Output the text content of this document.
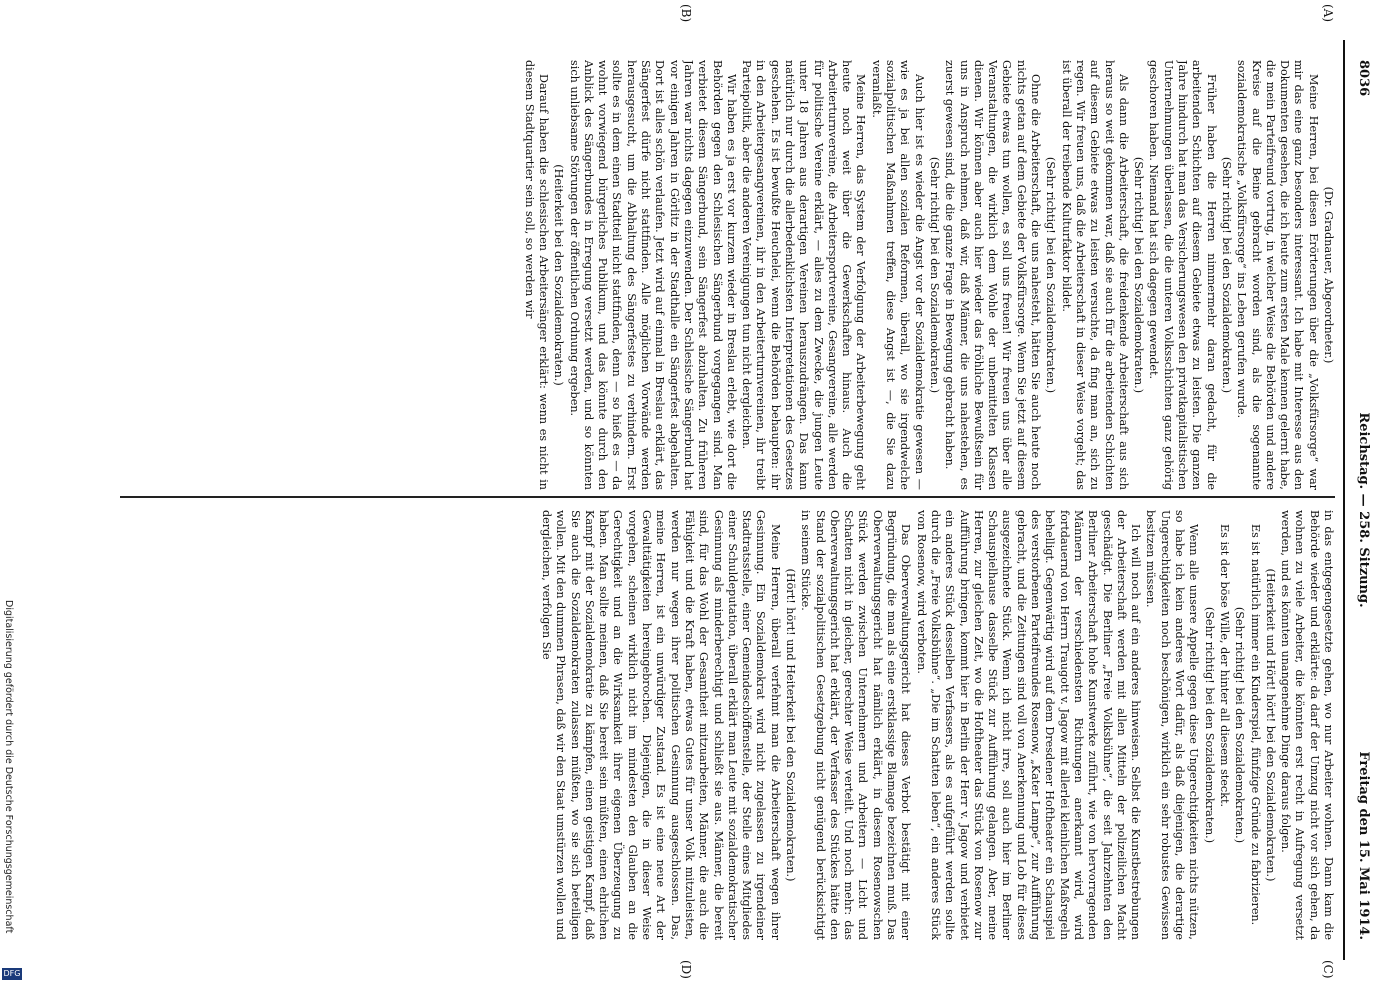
8036
Reichstag. — 258. Sitzung.
Freitag den 15. Mai 1914.
(A)
(B)
(C)
(D)

(Dr. Gradnauer, Abgeordneter.)

Meine Herren, bei diesen Erörterungen über die „Volksfürsorge“ war mir das eine ganz besonders interessant. Ich habe mit Interesse aus den Dokumenten gesehen, die ich heute zum ersten Male kennen gelernt habe, die mein Parteifreund vortrug, in welcher Weise die Behörden und andere Kreise auf die Beine gebracht worden sind, als die sogenannte sozialdemokratische „Volksfürsorge“ ins Leben gerufen wurde.

(Sehr richtig! bei den Sozialdemokraten.)

Früher haben die Herren nimmermehr daran gedacht, für die arbeitenden Schichten auf diesem Gebiete etwas zu leisten. Die ganzen Jahre hindurch hat man das Versicherungswesen den privatkapitalistischen Unternehmungen überlassen, die die unteren Volksschichten ganz gehörig geschoren haben. Niemand hat sich dagegen gewendet.

(Sehr richtig! bei den Sozialdemokraten.)

Als dann die Arbeiterschaft, die freidenkende Arbeiterschaft aus sich heraus so weit gekommen war, daß sie auch für die arbeitenden Schichten auf diesem Gebiete etwas zu leisten versuchte, da fing man an, sich zu regen. Wir freuen uns, daß die Arbeiterschaft in dieser Weise vorgeht; das ist überall der treibende Kulturfaktor bildet.

(Sehr richtig! bei den Sozialdemokraten.)

Ohne die Arbeiterschaft, die uns nahesteht, hätten Sie auch heute noch nichts getan auf dem Gebiete der Volksfürsorge. Wenn Sie jetzt auf diesem Gebiete etwas tun wollen, es soll uns freuen! Wir freuen uns über alle Veranstaltungen, die wirklich dem Wohle der unbemittelten Klassen dienen. Wir können aber auch hier wieder das fröhliche Bewußtsein für uns in Anspruch nehmen, daß wir, daß Männer, die uns nahestehen, es zuerst gewesen sind, die die ganze Frage in Bewegung gebracht haben.

(Sehr richtig! bei den Sozialdemokraten.)

Auch hier ist es wieder die Angst vor der Sozialdemokratie gewesen — wie es ja bei allen sozialen Reformen, überall, wo sie irgendwelche sozialpolitischen Maßnahmen treffen, diese Angst ist —, die Sie dazu veranlaßt.

Meine Herren, das System der Verfolgung der Arbeiterbewegung geht heute noch weit über die Gewerkschaften hinaus. Auch die Arbeiterturnvereine, die Arbeitersportvereine, Gesangvereine, alle werden für politische Vereine erklärt, — alles zu dem Zwecke, die jungen Leute unter 18 Jahren aus derartigen Vereinen herauszudrängen. Das kann natürlich nur durch die allerbedenklichsten Interpretationen des Gesetzes geschehen. Es ist bewußte Heuchelei, wenn die Behörden behaupten: ihr in den Arbeitergesangvereinen, ihr in den Arbeiterturnvereinen, ihr treibt Parteipolitik, aber die anderen Vereinigungen tun nicht dergleichen.

Wir haben es ja erst vor kurzem wieder in Breslau erlebt, wie dort die Behörden gegen den Schlesischen Sängerbund vorgegangen sind. Man verbietet diesem Sängerbund, sein Sängerfest abzuhalten. Zu früheren Jahren war nichts dagegen einzuwenden. Der Schlesische Sängerbund hat vor einigen Jahren in Görlitz in der Stadthalle ein Sängerfest abgehalten. Dort ist alles schön verlaufen. Jetzt wird auf einmal in Breslau erklärt, das Sängerfest dürfe nicht stattfinden. Alle möglichen Vorwände werden herausgesucht, um die Abhaltung des Sängerfestes zu verhindern. Erst sollte es in dem einen Stadtteil nicht stattfinden, denn — so hieß es — da wohnt vorwiegend bürgerliches Publikum, und das könnte durch den Anblick des Sängerbundes in Erregung versetzt werden, und so könnten sich unliebsame Störungen der öffentlichen Ordnung ergeben.

(Heiterkeit bei den Sozialdemokraten.)

Darauf haben die schlesischen Arbeitersänger erklärt: wenn es nicht in diesem Stadtquartier sein soll, so werden wir

in das entgegengesetzte gehen, wo nur Arbeiter wohnen. Dann kam die Behörde wieder und erklärte: da darf der Umzug nicht vor sich gehen, da wohnen zu viele Arbeiter, die könnten erst recht in Aufregung versetzt werden, und es könnten unangenehme Dinge daraus folgen.

(Heiterkeit und Hört! hört! bei den Sozialdemokraten.)

Es ist natürlich immer ein Kinderspiel, fünfzige Gründe zu fabrizieren.

(Sehr richtig! bei den Sozialdemokraten.)

Es ist der böse Wille, der hinter all diesem steckt.

(Sehr richtig! bei den Sozialdemokraten.)

Wenn alle unsere Appelle gegen diese Ungerechtigkeiten nichts nützen, so habe ich kein anderes Wort dafür, als daß diejenigen, die derartige Ungerechtigkeiten noch beschönigen, wirklich ein sehr robustes Gewissen besitzen müssen.

Ich will noch auf ein anderes hinweisen. Selbst die Kunstbestrebungen der Arbeiterschaft werden mit allen Mitteln der polizeilichen Macht geschädigt. Die Berliner „Freie Volksbühne“, die seit Jahrzehnten den Berliner Arbeiterschaft hohe Kunstwerke zuführt, wie von hervorragenden Männern der verschiedensten Richtungen anerkannt wird, wird fortdauernd von Herrn Traugott v. Jagow mit allerlei kleinlichen Maßregeln behelligt. Gegenwärtig wird auf dem Dresdener Hoftheater ein Schauspiel des verstorbenen Parteifreundes Rosenow, „Kater Lampe“, zur Aufführung gebracht, und die Zeitungen sind voll von Anerkennung und Lob für dieses ausgezeichnete Stück. Wenn ich nicht irre, soll auch hier im Berliner Schauspielhause dasselbe Stück zur Aufführung gelangen. Aber, meine Herren, zur gleichen Zeit, wo die Hoftheater das Stück von Rosenow zur Aufführung bringen, kommt hier in Berlin der Herr v. Jagow und verbietet ein anderes Stück desselben Verfassers, als es aufgeführt werden sollte durch die „Freie Volksbühne“. „Die im Schatten leben“, ein anderes Stück von Rosenow, wird verboten.

Das Oberverwaltungsgericht hat dieses Verbot bestätigt mit einer Begründung, die man als eine erstklassige Blamage bezeichnen muß. Das Oberverwaltungsgericht hat nämlich erklärt, in diesem Rosenowschen Stück werden zwischen Unternehmern und Arbeitern — Licht und Schatten nicht in gleicher, gerechter Weise verteilt. Und noch mehr: das Oberverwaltungsgericht hat erklärt, der Verfasser des Stückes hätte den Stand der sozialpolitischen Gesetzgebung nicht genügend berücksichtigt in seinem Stücke.

(Hört! hört! und Heiterkeit bei den Sozialdemokraten.)

Meine Herren, überall verfehmt man die Arbeiterschaft wegen ihrer Gesinnung. Ein Sozialdemokrat wird nicht zugelassen zu irgendeiner Stadtratsstelle, einer Gemeindeschöffenstelle, der Stelle eines Mitgliedes einer Schuldeputation, überall erklärt man Leute mit sozialdemokratischer Gesinnung als minderberechtigt und schließt sie aus. Männer, die bereit sind, für das Wohl der Gesamtheit mitzuarbeiten, Männer, die auch die Fähigkeit und die Kraft haben, etwas Gutes für unser Volk mitzuleisten, werden nur wegen ihrer politischen Gesinnung ausgeschlossen. Das, meine Herren, ist ein unwürdiger Zustand. Es ist eine neue Art der Gewalttätigkeiten hereingebrochen. Diejenigen, die in dieser Weise vorgehen, scheinen wirklich nicht im mindesten den Glauben an die Gerechtigkeit und an die Wirksamkeit ihrer eigenen Überzeugung zu haben. Man sollte meinen, daß Sie bereit sein müßten, einen ehrlichen Kampf mit der Sozialdemokratie zu kämpfen, einen geistigen Kampf, daß Sie auch die Sozialdemokraten zulassen müßten, wo sie sich beteiligen wollen. Mit den dummen Phrasen, daß wir den Staat umstürzen wollen und dergleichen, verfolgen Sie

Digitalisierung gefördert durch die Deutsche Forschungsgemeinschaft
DFG
